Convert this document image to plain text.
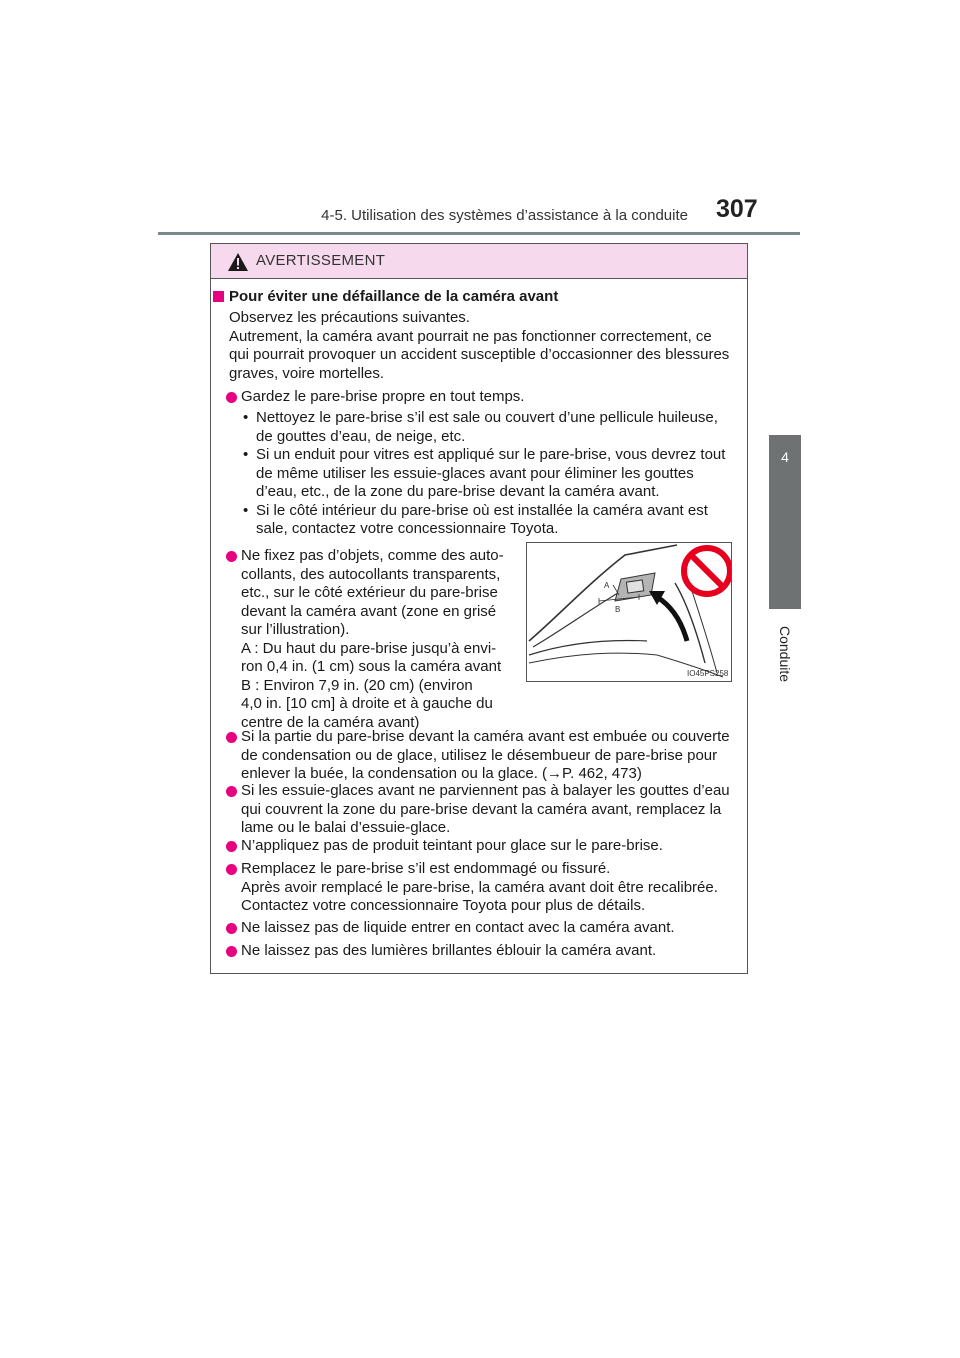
4-5. Utilisation des systèmes d’assistance à la conduite 307
4
Conduite
AVERTISSEMENT
Pour éviter une défaillance de la caméra avant
Observez les précautions suivantes.
Autrement, la caméra avant pourrait ne pas fonctionner correctement, ce
qui pourrait provoquer un accident susceptible d’occasionner des blessures
graves, voire mortelles.
Gardez le pare-brise propre en tout temps.
• Nettoyez le pare-brise s’il est sale ou couvert d’une pellicule huileuse,
de gouttes d’eau, de neige, etc.
• Si un enduit pour vitres est appliqué sur le pare-brise, vous devrez tout
de même utiliser les essuie-glaces avant pour éliminer les gouttes
d’eau, etc., de la zone du pare-brise devant la caméra avant.
• Si le côté intérieur du pare-brise où est installée la caméra avant est
sale, contactez votre concessionnaire Toyota.
Ne fixez pas d’objets, comme des auto-
collants, des autocollants transparents,
etc., sur le côté extérieur du pare-brise
devant la caméra avant (zone en grisé
sur l’illustration).
A : Du haut du pare-brise jusqu’à envi-
ron 0,4 in. (1 cm) sous la caméra avant
B : Environ 7,9 in. (20 cm) (environ
4,0 in. [10 cm] à droite et à gauche du
centre de la caméra avant)
A
B
IO45PS258
Si la partie du pare-brise devant la caméra avant est embuée ou couverte
de condensation ou de glace, utilisez le désembueur de pare-brise pour
enlever la buée, la condensation ou la glace. (→P. 462, 473)
Si les essuie-glaces avant ne parviennent pas à balayer les gouttes d’eau
qui couvrent la zone du pare-brise devant la caméra avant, remplacez la
lame ou le balai d’essuie-glace.
N’appliquez pas de produit teintant pour glace sur le pare-brise.
Remplacez le pare-brise s’il est endommagé ou fissuré.
Après avoir remplacé le pare-brise, la caméra avant doit être recalibrée.
Contactez votre concessionnaire Toyota pour plus de détails.
Ne laissez pas de liquide entrer en contact avec la caméra avant.
Ne laissez pas des lumières brillantes éblouir la caméra avant.
